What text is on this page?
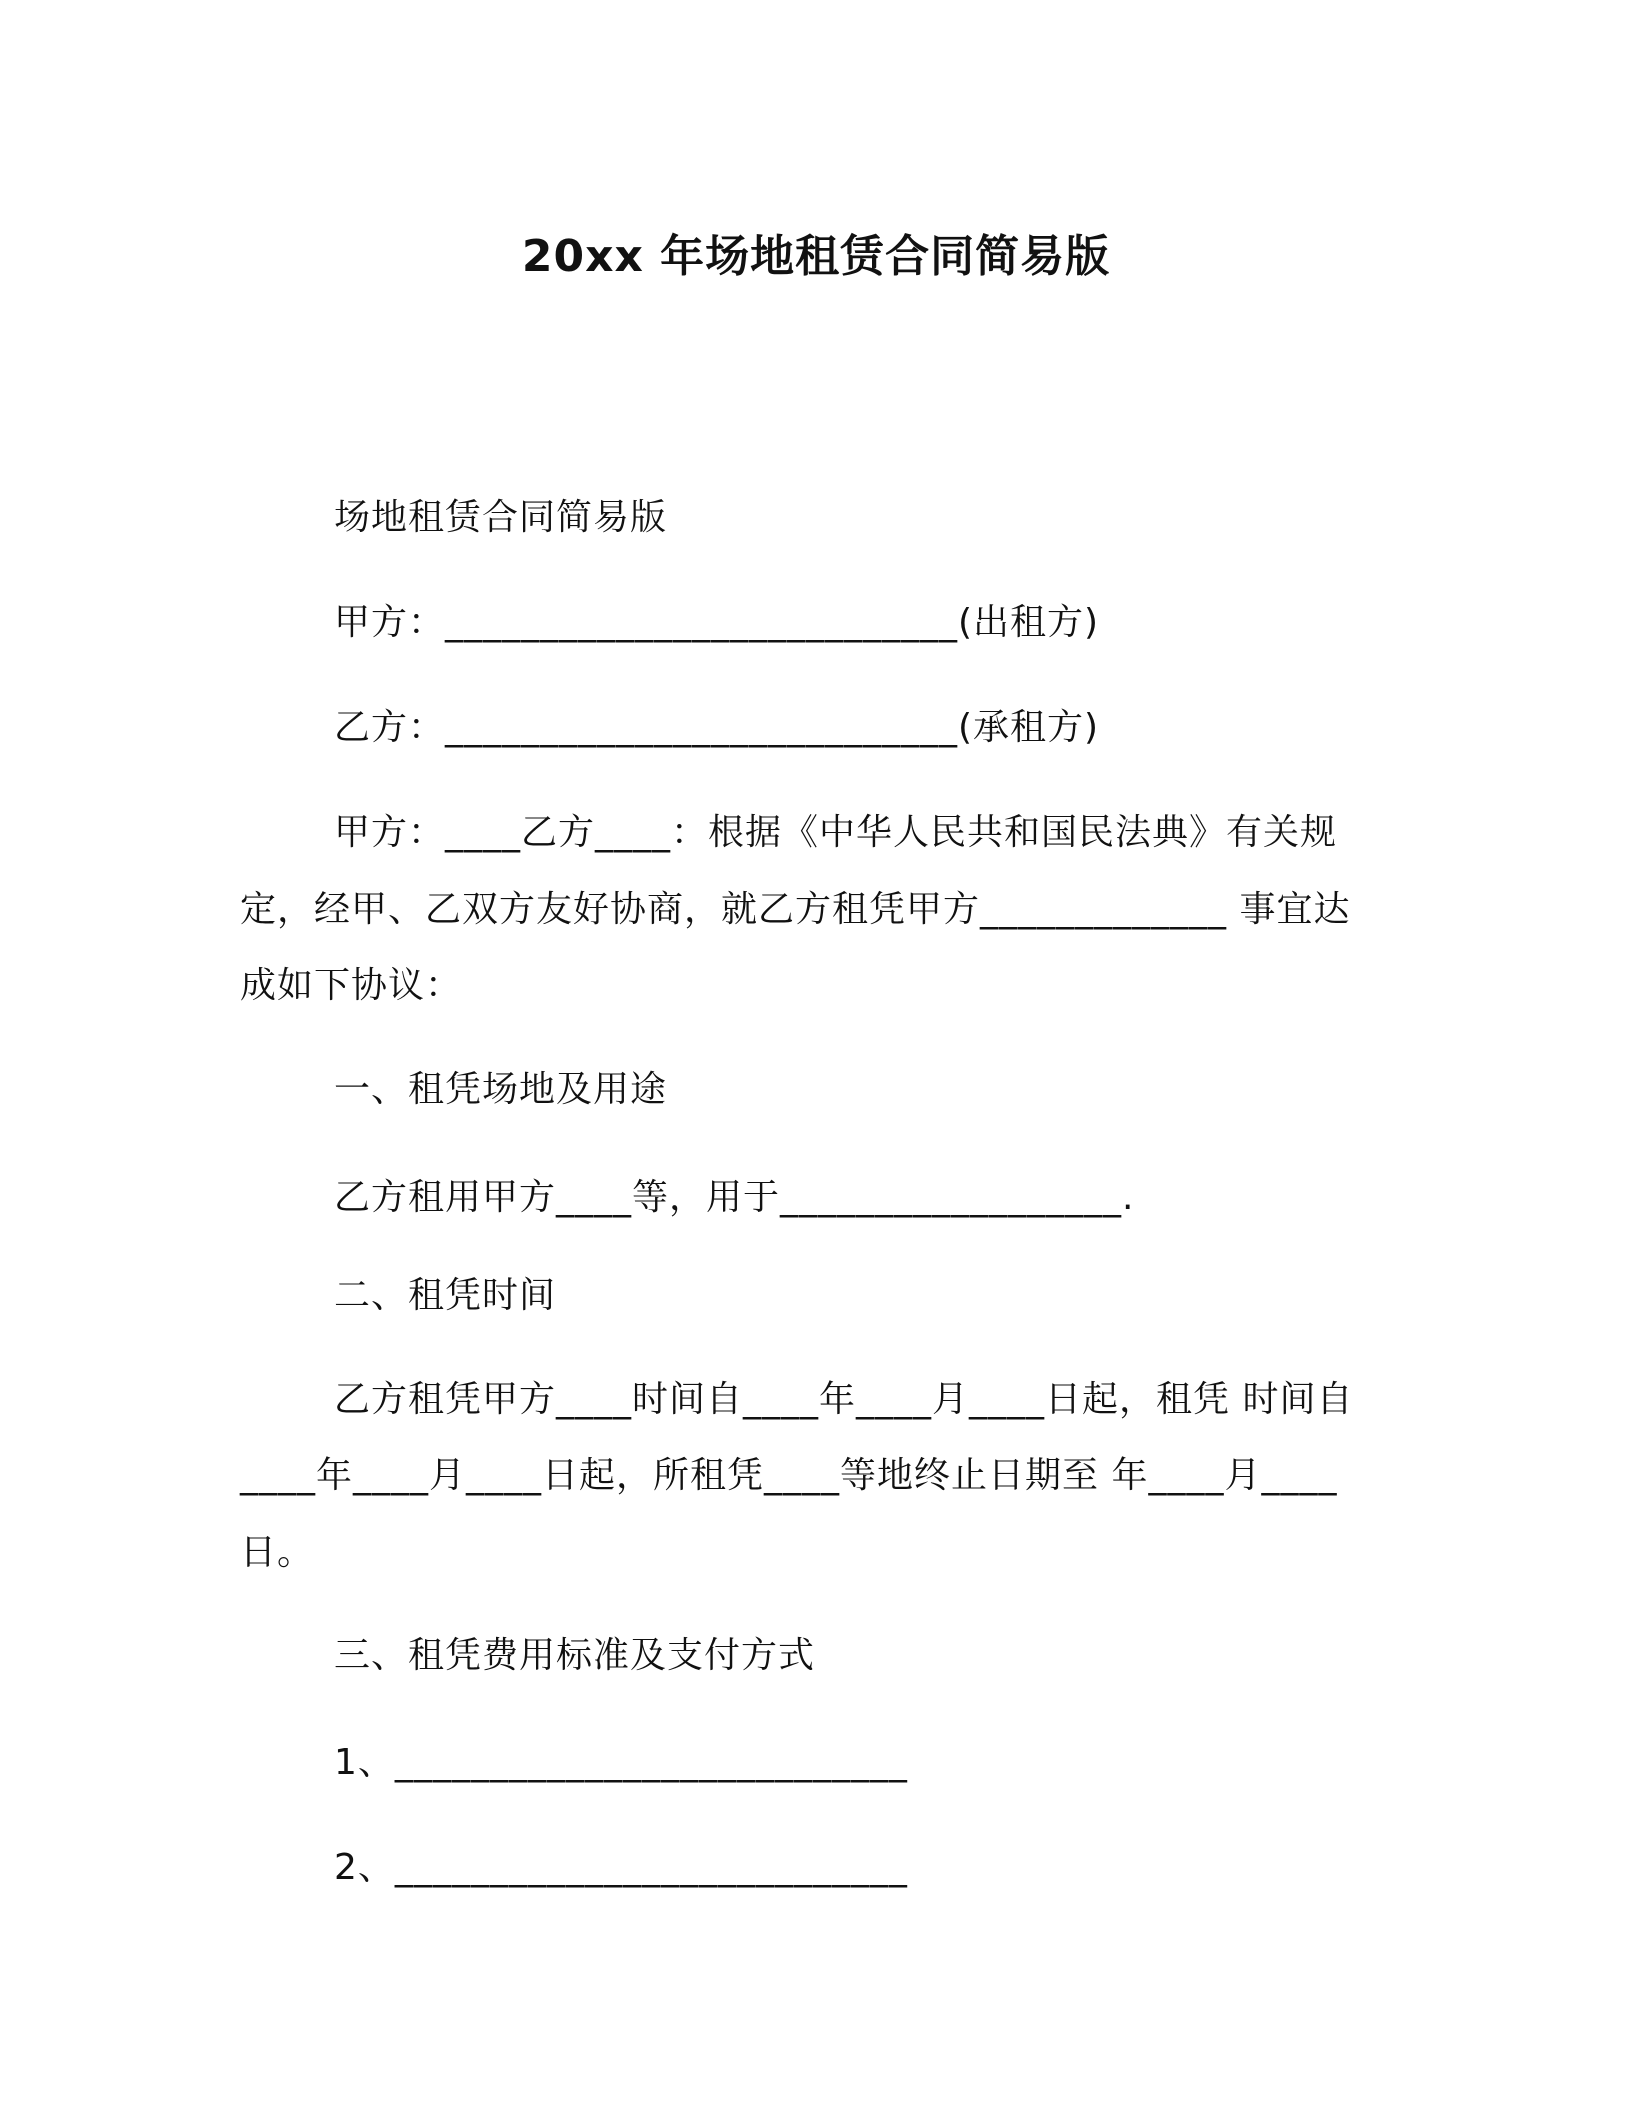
20xx 年场地租赁合同简易版
场地租赁合同简易版
甲方：___________________________(出租方)
乙方：___________________________(承租方)
甲方：____乙方____：根据《中华人民共和国民法典》有关规
定，经甲、乙双方友好协商，就乙方租凭甲方_____________ 事宜达
成如下协议：
一、租凭场地及用途
乙方租用甲方____等，用于__________________.
二、租凭时间
乙方租凭甲方____时间自____年____月____日起，租凭 时间自
____年____月____日起，所租凭____等地终止日期至 年____月____
日。
三、租凭费用标准及支付方式
1、___________________________
2、___________________________
